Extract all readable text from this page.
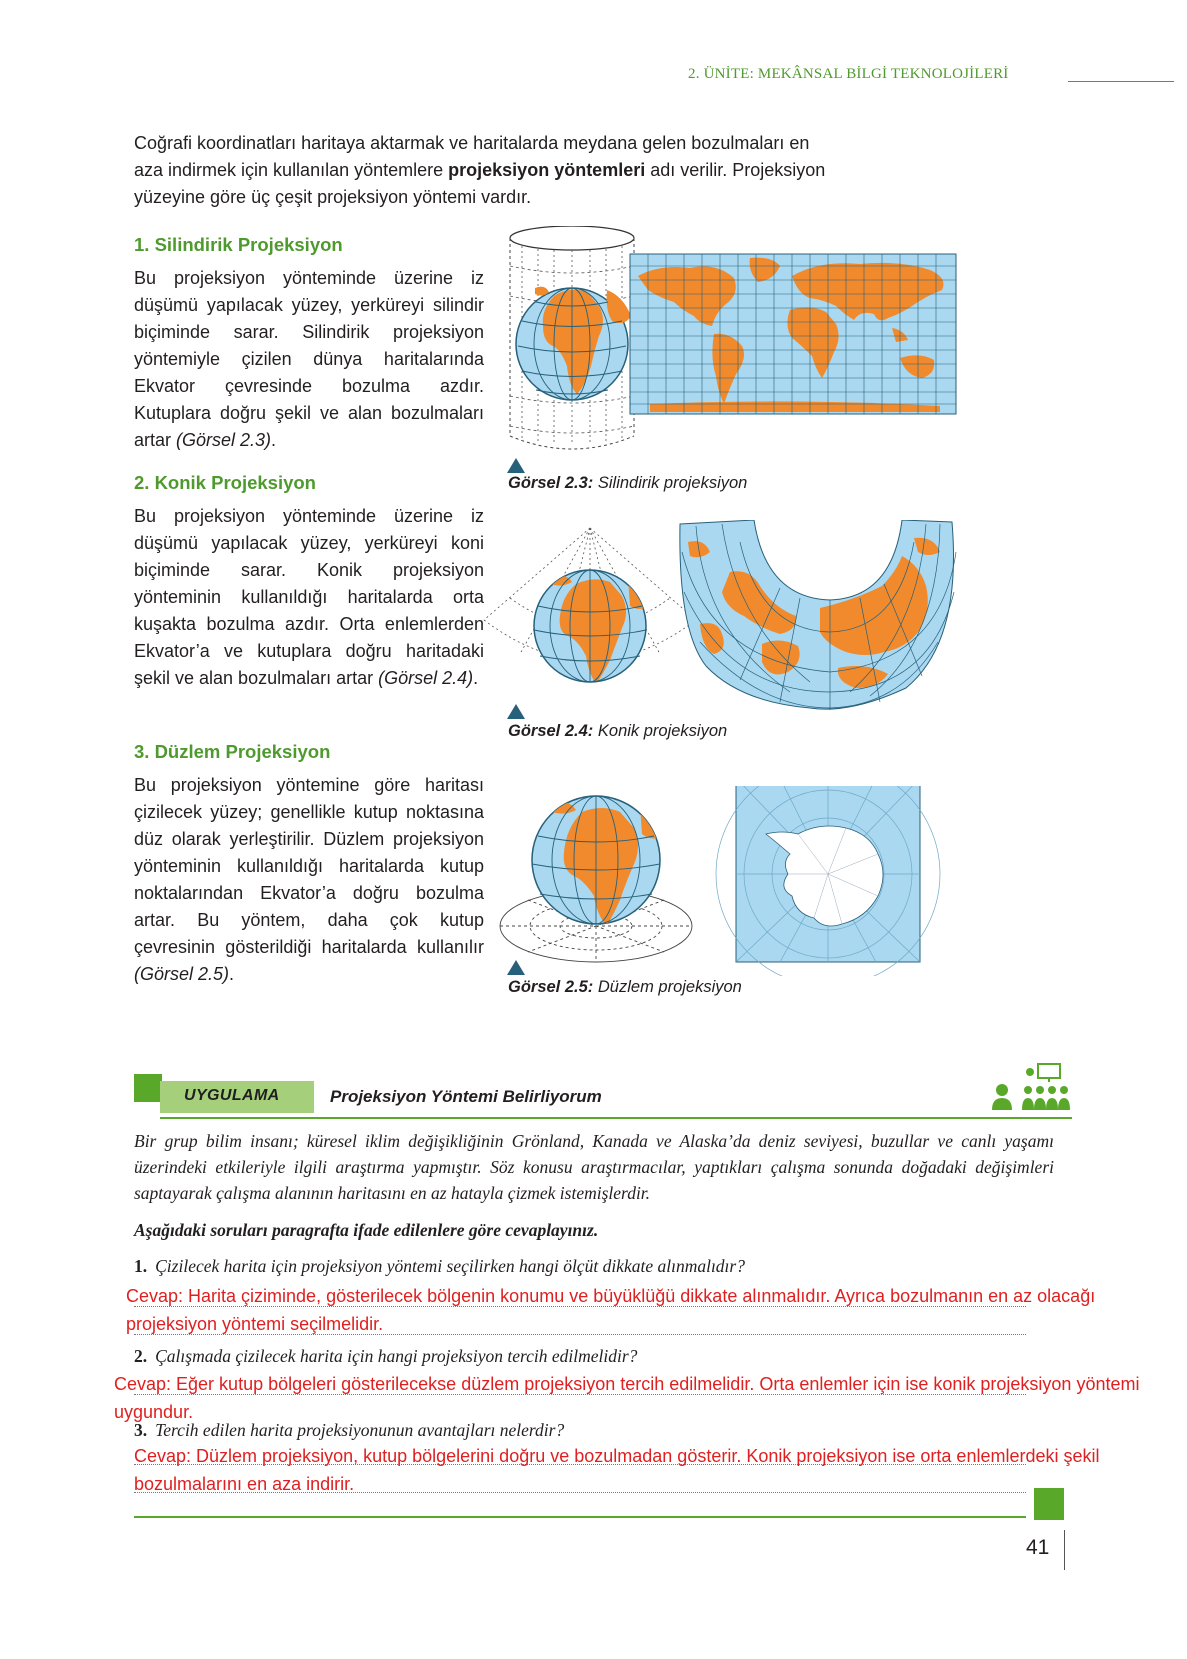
2. ÜNİTE: MEKÂNSAL BİLGİ TEKNOLOJİLERİ
Coğrafi koordinatları haritaya aktarmak ve haritalarda meydana gelen bozulmaları en aza indirmek için kullanılan yöntemlere projeksiyon yöntemleri adı verilir. Projeksiyon yüzeyine göre üç çeşit projeksiyon yöntemi vardır.
1. Silindirik Projeksiyon
Bu projeksiyon yönteminde üzerine iz düşümü yapılacak yüzey, yerküreyi silindir biçiminde sarar. Silindirik projeksiyon yöntemiyle çizilen dünya haritalarında Ekvator çevresinde bozulma azdır. Kutuplara doğru şekil ve alan bozulmaları artar (Görsel 2.3).
2. Konik Projeksiyon
Bu projeksiyon yönteminde üzerine iz düşümü yapılacak yüzey, yerküreyi koni biçiminde sarar. Konik projeksiyon yönteminin kullanıldığı haritalarda orta kuşakta bozulma azdır. Orta enlemlerden Ekvator’a ve kutuplara doğru haritadaki şekil ve alan bozulmaları artar (Görsel 2.4).
3. Düzlem Projeksiyon
Bu projeksiyon yöntemine göre haritası çizilecek yüzey; genellikle kutup noktasına düz olarak yerleştirilir. Düzlem projeksiyon yönteminin kullanıldığı haritalarda kutup noktalarından Ekvator’a doğru bozulma artar. Bu yöntem, daha çok kutup çevresinin gösterildiği haritalarda kullanılır (Görsel 2.5).
Görsel 2.3: Silindirik projeksiyon
Görsel 2.4: Konik projeksiyon
Görsel 2.5: Düzlem projeksiyon
UYGULAMA	Projeksiyon Yöntemi Belirliyorum
Bir grup bilim insanı; küresel iklim değişikliğinin Grönland, Kanada ve Alaska’da deniz seviyesi, buzullar ve canlı yaşamı üzerindeki etkileriyle ilgili araştırma yapmıştır. Söz konusu araştırmacılar, yaptıkları çalışma sonunda doğadaki değişimleri saptayarak çalışma alanının haritasını en az hatayla çizmek istemişlerdir.
Aşağıdaki soruları paragrafta ifade edilenlere göre cevaplayınız.
1. Çizilecek harita için projeksiyon yöntemi seçilirken hangi ölçüt dikkate alınmalıdır?
Cevap: Harita çiziminde, gösterilecek bölgenin konumu ve büyüklüğü dikkate alınmalıdır. Ayrıca bozulmanın en az olacağı projeksiyon yöntemi seçilmelidir.
2. Çalışmada çizilecek harita için hangi projeksiyon tercih edilmelidir?
Cevap: Eğer kutup bölgeleri gösterilecekse düzlem projeksiyon tercih edilmelidir. Orta enlemler için ise konik projeksiyon yöntemi uygundur.
3. Tercih edilen harita projeksiyonunun avantajları nelerdir?
Cevap: Düzlem projeksiyon, kutup bölgelerini doğru ve bozulmadan gösterir. Konik projeksiyon ise orta enlemlerdeki şekil bozulmalarını en aza indirir.
41
